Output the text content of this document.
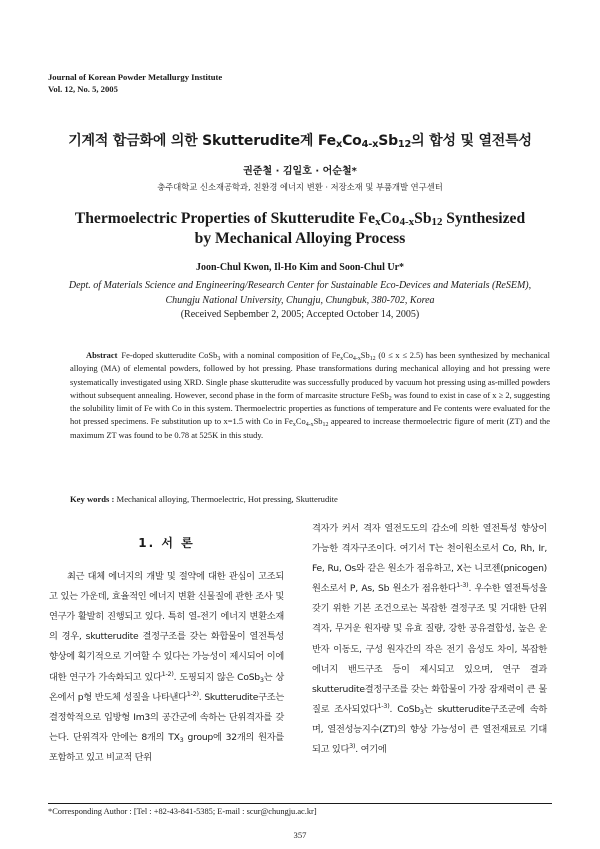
Journal of Korean Powder Metallurgy Institute
Vol. 12, No. 5, 2005
기계적 합금화에 의한 Skutterudite계 $Fe_xCo_{4-x}Sb_{12}$의 합성 및 열전특성
권준철 · 김일호 · 어순철*
충주대학교 신소재공학과, 친환경 에너지 변환 · 저장소재 및 부품개발 연구센터
Thermoelectric Properties of Skutterudite $Fe_xCo_{4-x}Sb_{12}$ Synthesized
by Mechanical Alloying Process
Joon-Chul Kwon, Il-Ho Kim and Soon-Chul Ur*
Dept. of Materials Science and Engineering/Research Center for Sustainable Eco-Devices and Materials (ReSEM), Chungju National University, Chungju, Chungbuk, 380-702, Korea
(Received Sepbember 2, 2005; Accepted October 14, 2005)

Abstract Fe-doped skutterudite CoSb$_3$ with a nominal composition of $Fe_xCo_{4-x}Sb_{12}$ (0 ≤ x ≤ 2.5) has been synthesized by mechanical alloying (MA) of elemental powders, followed by hot pressing. Phase transformations during mechanical alloying and hot pressing were systematically investigated using XRD. Single phase skutterudite was successfully produced by vacuum hot pressing using as-milled powders without subsequent annealing. However, second phase in the form of marcasite structure FeSb$_2$ was found to exist in case of x ≥ 2, suggesting the solubility limit of Fe with Co in this system. Thermoelectric properties as functions of temperature and Fe contents were evaluated for the hot pressed specimens. Fe substitution up to x=1.5 with Co in $Fe_xCo_{4-x}Sb_{12}$ appeared to increase thermoelectric figure of merit (ZT) and the maximum ZT was found to be 0.78 at 525K in this study.

Key words : Mechanical alloying, Thermoelectric, Hot pressing, Skutterudite
1. 서 론

최근 대체 에너지의 개발 및 절약에 대한 관심이 고조되고 있는 가운데, 효율적인 에너지 변환 신물질에 관한 조사 및 연구가 활발히 진행되고 있다. 특히 열-전기 에너지 변환소재의 경우, skutterudite 결정구조를 갖는 화합물이 열전특성 향상에 획기적으로 기여할 수 있다는 가능성이 제시되어 이에 대한 연구가 가속화되고 있다$^{1-2)}$. 도핑되지 않은 CoSb$_3$는 상온에서 p형 반도체 성질을 나타낸다$^{1-2)}$. Skutterudite구조는 결정학적으로 입방형 Im3의 공간군에 속하는 단위격자를 갖는다. 단위격자 안에는 8개의 $TX_3$ group에 32개의 원자를 포함하고 있고 비교적 단위

격자가 커서 격자 열전도도의 감소에 의한 열전특성 향상이 가능한 격자구조이다. 여기서 T는 천이원소로서 Co, Rh, Ir, Fe, Ru, Os와 같은 원소가 점유하고, X는 니코젠(pnicogen) 원소로서 P, As, Sb 원소가 점유한다$^{1-3)}$. 우수한 열전특성을 갖기 위한 기본 조건으로는 복잡한 결정구조 및 거대한 단위격자, 무거운 원자량 및 유효 질량, 강한 공유결합성, 높은 운반자 이동도, 구성 원자간의 작은 전기 음성도 차이, 복잡한 에너지 밴드구조 등이 제시되고 있으며, 연구 결과 skutterudite결정구조를 갖는 화합물이 가장 잠재력이 큰 물질로 조사되었다$^{1-3)}$. CoSb$_3$는 skutterudite구조군에 속하며, 열전성능지수(ZT)의 향상 가능성이 큰 열전재료로 기대되고 있다$^{3)}$. 여기에

*Corresponding Author : [Tel : +82-43-841-5385; E-mail : scur@chungju.ac.kr]
357
